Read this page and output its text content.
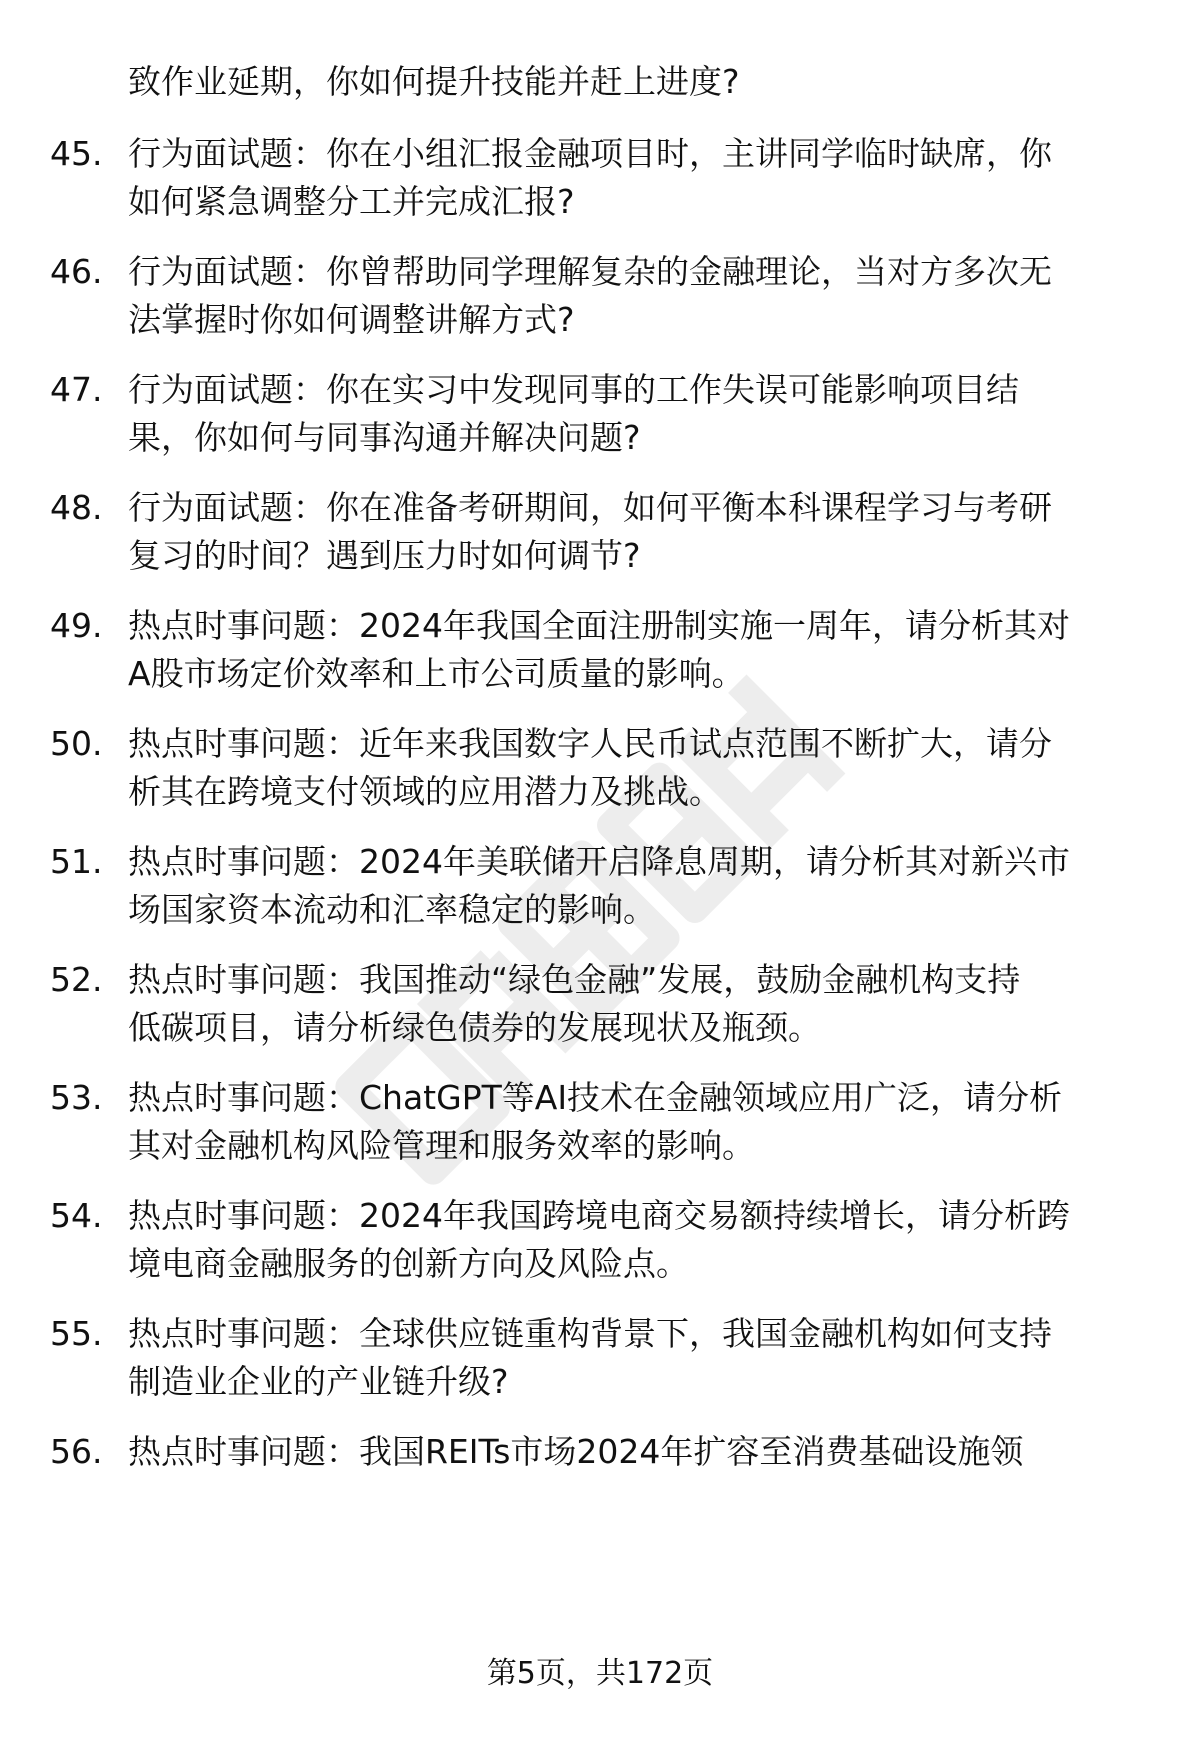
致作业延期，你如何提升技能并赶上进度?
45. 行为面试题：你在小组汇报金融项目时，主讲同学临时缺席，你
如何紧急调整分工并完成汇报?
46. 行为面试题：你曾帮助同学理解复杂的金融理论，当对方多次无
法掌握时你如何调整讲解方式?
47. 行为面试题：你在实习中发现同事的工作失误可能影响项目结
果，你如何与同事沟通并解决问题?
48. 行为面试题：你在准备考研期间，如何平衡本科课程学习与考研
复习的时间？遇到压力时如何调节?
49. 热点时事问题：2024年我国全面注册制实施一周年，请分析其对
A股市场定价效率和上市公司质量的影响。
50. 热点时事问题：近年来我国数字人民币试点范围不断扩大，请分
析其在跨境支付领域的应用潜力及挑战。
51. 热点时事问题：2024年美联储开启降息周期，请分析其对新兴市
场国家资本流动和汇率稳定的影响。
52. 热点时事问题：我国推动“绿色金融”发展，鼓励金融机构支持
低碳项目，请分析绿色债券的发展现状及瓶颈。
53. 热点时事问题：ChatGPT等AI技术在金融领域应用广泛，请分析
其对金融机构风险管理和服务效率的影响。
54. 热点时事问题：2024年我国跨境电商交易额持续增长，请分析跨
境电商金融服务的创新方向及风险点。
55. 热点时事问题：全球供应链重构背景下，我国金融机构如何支持
制造业企业的产业链升级?
56. 热点时事问题：我国REITs市场2024年扩容至消费基础设施领
第5页，共172页
